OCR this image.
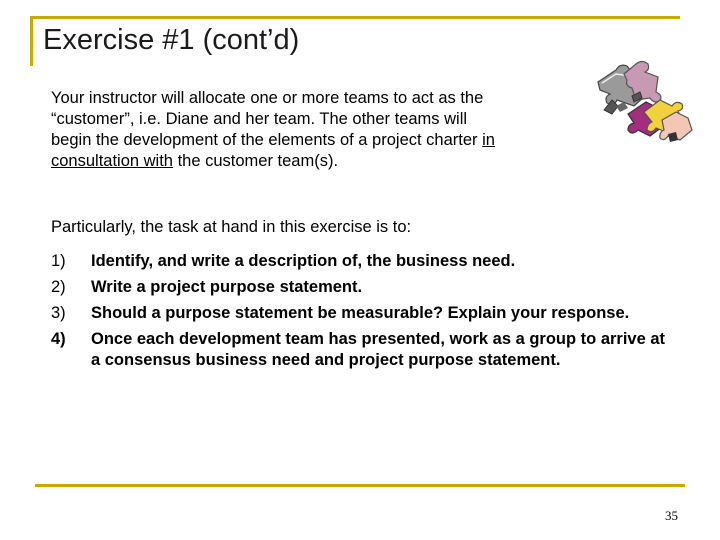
Exercise #1 (cont’d)

Your instructor will allocate one or more teams to act as the “customer”, i.e. Diane and her team. The other teams will begin the development of the elements of a project charter in consultation with the customer team(s).

Particularly, the task at hand in this exercise is to:

1)	Identify, and write a description of, the business need.
2)	Write a project purpose statement.
3)	Should a purpose statement be measurable? Explain your response.
4)	Once each development team has presented, work as a group to arrive at a consensus business need and project purpose statement.
35
